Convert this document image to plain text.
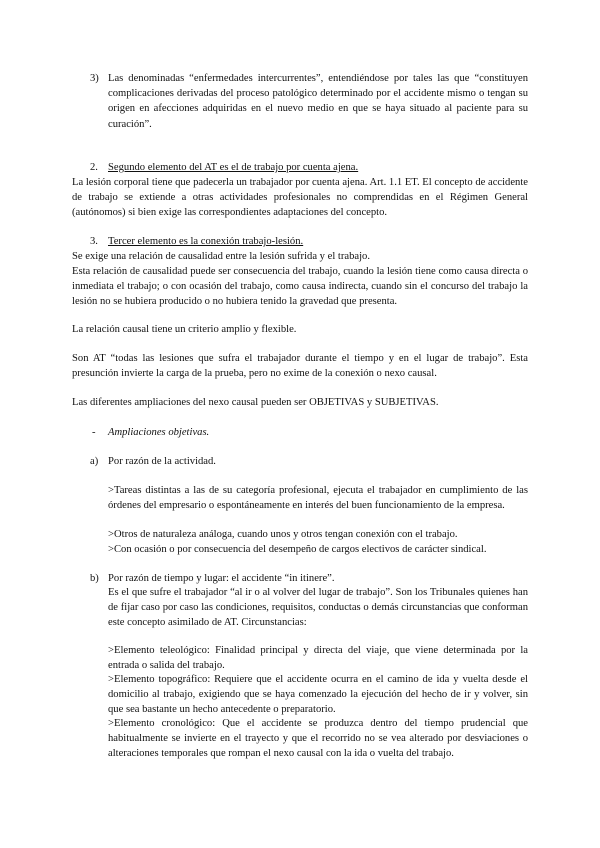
3) Las denominadas “enfermedades intercurrentes”, entendiéndose por tales las que “constituyen complicaciones derivadas del proceso patológico determinado por el accidente mismo o tengan su origen en afecciones adquiridas en el nuevo medio en que se haya situado al paciente para su curación”.

2. Segundo elemento del AT es el de trabajo por cuenta ajena.

La lesión corporal tiene que padecerla un trabajador por cuenta ajena. Art. 1.1 ET. El concepto de accidente de trabajo se extiende a otras actividades profesionales no comprendidas en el Régimen General (autónomos) si bien exige las correspondientes adaptaciones del concepto.

3. Tercer elemento es la conexión trabajo-lesión.

Se exige una relación de causalidad entre la lesión sufrida y el trabajo.

Esta relación de causalidad puede ser consecuencia del trabajo, cuando la lesión tiene como causa directa o inmediata el trabajo; o con ocasión del trabajo, como causa indirecta, cuando sin el concurso del trabajo la lesión no se hubiera producido o no hubiera tenido la gravedad que presenta.

La relación causal tiene un criterio amplio y flexible.

Son AT “todas las lesiones que sufra el trabajador durante el tiempo y en el lugar de trabajo”. Esta presunción invierte la carga de la prueba, pero no exime de la conexión o nexo causal.

Las diferentes ampliaciones del nexo causal pueden ser OBJETIVAS y SUBJETIVAS.

- Ampliaciones objetivas.
a) Por razón de la actividad.

>Tareas distintas a las de su categoría profesional, ejecuta el trabajador en cumplimiento de las órdenes del empresario o espontáneamente en interés del buen funcionamiento de la empresa.

>Otros de naturaleza análoga, cuando unos y otros tengan conexión con el trabajo.

>Con ocasión o por consecuencia del desempeño de cargos electivos de carácter sindical.

b) Por razón de tiempo y lugar: el accidente “in itinere”.

Es el que sufre el trabajador “al ir o al volver del lugar de trabajo”. Son los Tribunales quienes han de fijar caso por caso las condiciones, requisitos, conductas o demás circunstancias que conforman este concepto asimilado de AT. Circunstancias:

>Elemento teleológico: Finalidad principal y directa del viaje, que viene determinada por la entrada o salida del trabajo.

>Elemento topográfico: Requiere que el accidente ocurra en el camino de ida y vuelta desde el domicilio al trabajo, exigiendo que se haya comenzado la ejecución del hecho de ir y volver, sin que sea bastante un hecho antecedente o preparatorio.

>Elemento cronológico: Que el accidente se produzca dentro del tiempo prudencial que habitualmente se invierte en el trayecto y que el recorrido no se vea alterado por desviaciones o alteraciones temporales que rompan el nexo causal con la ida o vuelta del trabajo.
